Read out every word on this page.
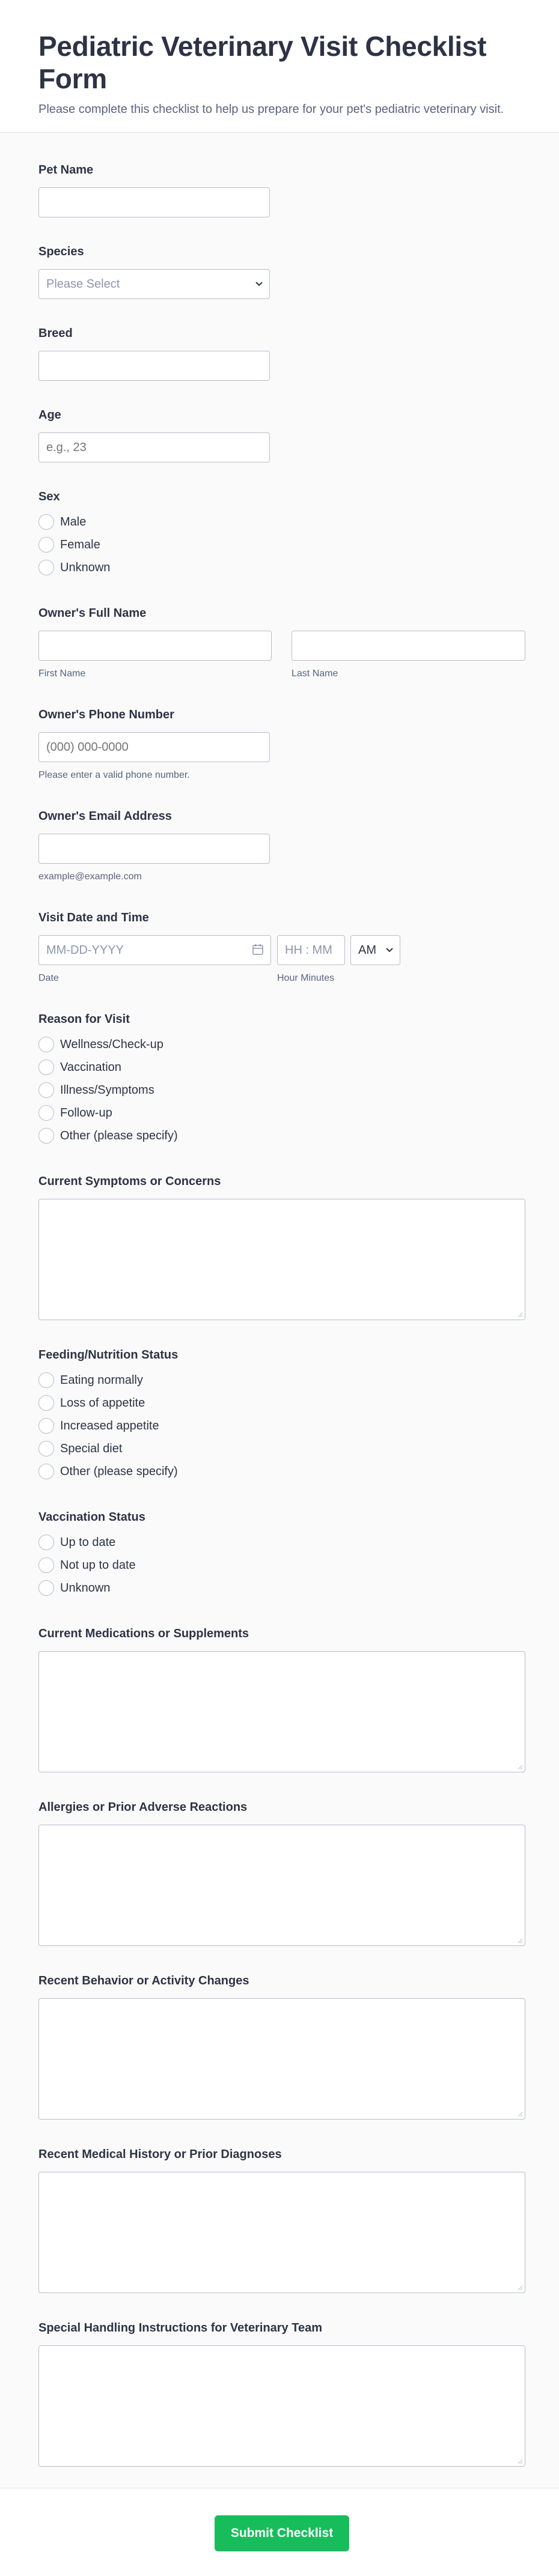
Pediatric Veterinary Visit Checklist Form

Please complete this checklist to help us prepare for your pet's pediatric veterinary visit.

Pet Name
Species
Please Select
Breed
Age
e.g., 23
Sex
Male
Female
Unknown
Owner's Full Name
First Name	Last Name
Owner's Phone Number
(000) 000-0000
Please enter a valid phone number.
Owner's Email Address
example@example.com
Visit Date and Time
MM-DD-YYYY	HH : MM	AM
Date	Hour Minutes
Reason for Visit
Wellness/Check-up
Vaccination
Illness/Symptoms
Follow-up
Other (please specify)
Current Symptoms or Concerns
Feeding/Nutrition Status
Eating normally
Loss of appetite
Increased appetite
Special diet
Other (please specify)
Vaccination Status
Up to date
Not up to date
Unknown
Current Medications or Supplements
Allergies or Prior Adverse Reactions
Recent Behavior or Activity Changes
Recent Medical History or Prior Diagnoses
Special Handling Instructions for Veterinary Team
Submit Checklist
